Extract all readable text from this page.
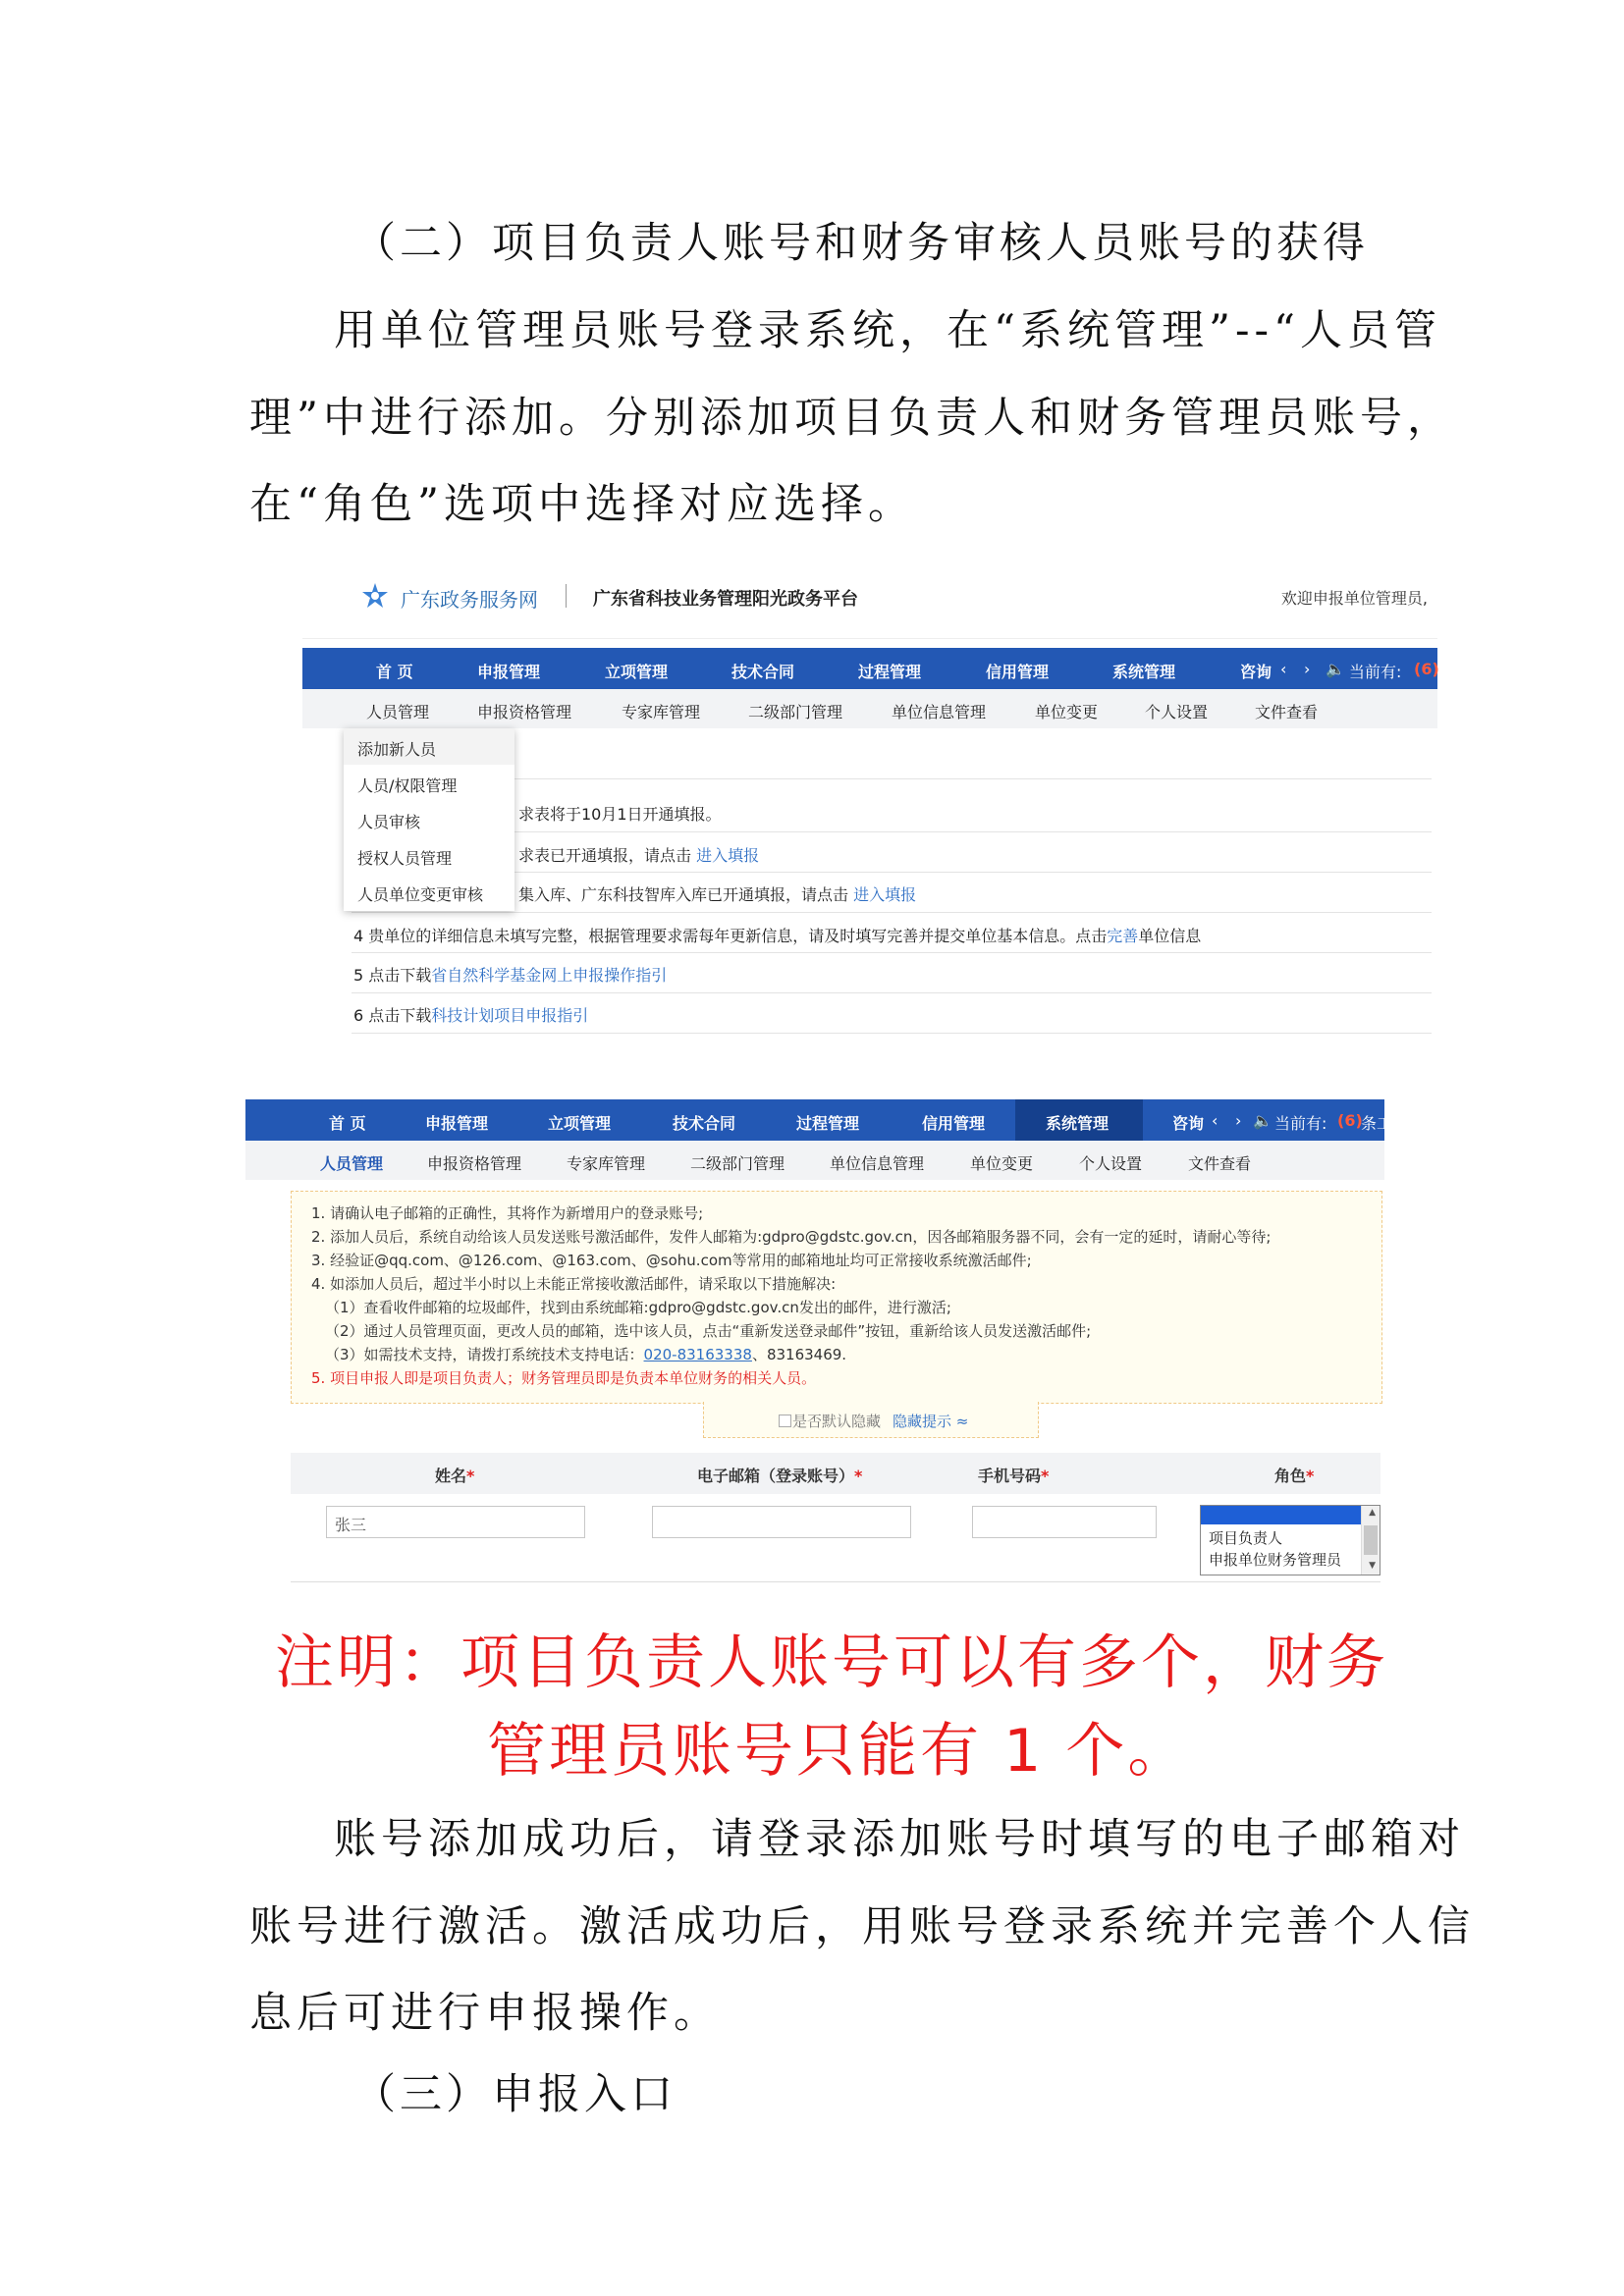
（二）项目负责人账号和财务审核人员账号的获得
用单位管理员账号登录系统，在“系统管理”--“人员管
理”中进行添加。分别添加项目负责人和财务管理员账号，
在“角色”选项中选择对应选择。
广东政务服务网	广东省科技业务管理阳光政务平台	欢迎申报单位管理员,
首 页	申报管理	立项管理	技术合同	过程管理	信用管理	系统管理	咨询 ‹ › 🔈 当前有: (6)
人员管理	申报资格管理	专家库管理	二级部门管理	单位信息管理	单位变更	个人设置	文件查看
求表将于10月1日开通填报。
求表已开通填报，请点击 进入填报
集入库、广东科技智库入库已开通填报，请点击 进入填报
4 贵单位的详细信息未填写完整，根据管理要求需每年更新信息，请及时填写完善并提交单位基本信息。点击完善单位信息
5 点击下载省自然科学基金网上申报操作指引
6 点击下载科技计划项目申报指引
添加新人员
人员/权限管理
人员审核
授权人员管理
人员单位变更审核
首 页	申报管理	立项管理	技术合同	过程管理	信用管理	系统管理	咨询 ‹ › 🔈 当前有: (6)
条工
人员管理	申报资格管理	专家库管理	二级部门管理	单位信息管理	单位变更	个人设置	文件查看
1. 请确认电子邮箱的正确性，其将作为新增用户的登录账号;
2. 添加人员后，系统自动给该人员发送账号激活邮件，发件人邮箱为:gdpro@gdstc.gov.cn，因各邮箱服务器不同，会有一定的延时，请耐心等待;
3. 经验证@qq.com、@126.com、@163.com、@sohu.com等常用的邮箱地址均可正常接收系统激活邮件;
4. 如添加人员后，超过半小时以上未能正常接收激活邮件，请采取以下措施解决:
（1）查看收件邮箱的垃圾邮件，找到由系统邮箱:gdpro@gdstc.gov.cn发出的邮件，进行激活;
（2）通过人员管理页面，更改人员的邮箱，选中该人员，点击“重新发送登录邮件”按钮，重新给该人员发送激活邮件;
（3）如需技术支持，请拨打系统技术支持电话：020-83163338、83163469.
5. 项目申报人即是项目负责人；财务管理员即是负责本单位财务的相关人员。
是否默认隐藏 隐藏提示 ≈
姓名*	电子邮箱（登录账号）*	手机号码*	角色*
张三
项目负责人
申报单位财务管理员
▲
▼
注明：项目负责人账号可以有多个，财务
管理员账号只能有 1 个。
账号添加成功后，请登录添加账号时填写的电子邮箱对
账号进行激活。激活成功后，用账号登录系统并完善个人信
息后可进行申报操作。
（三）申报入口
